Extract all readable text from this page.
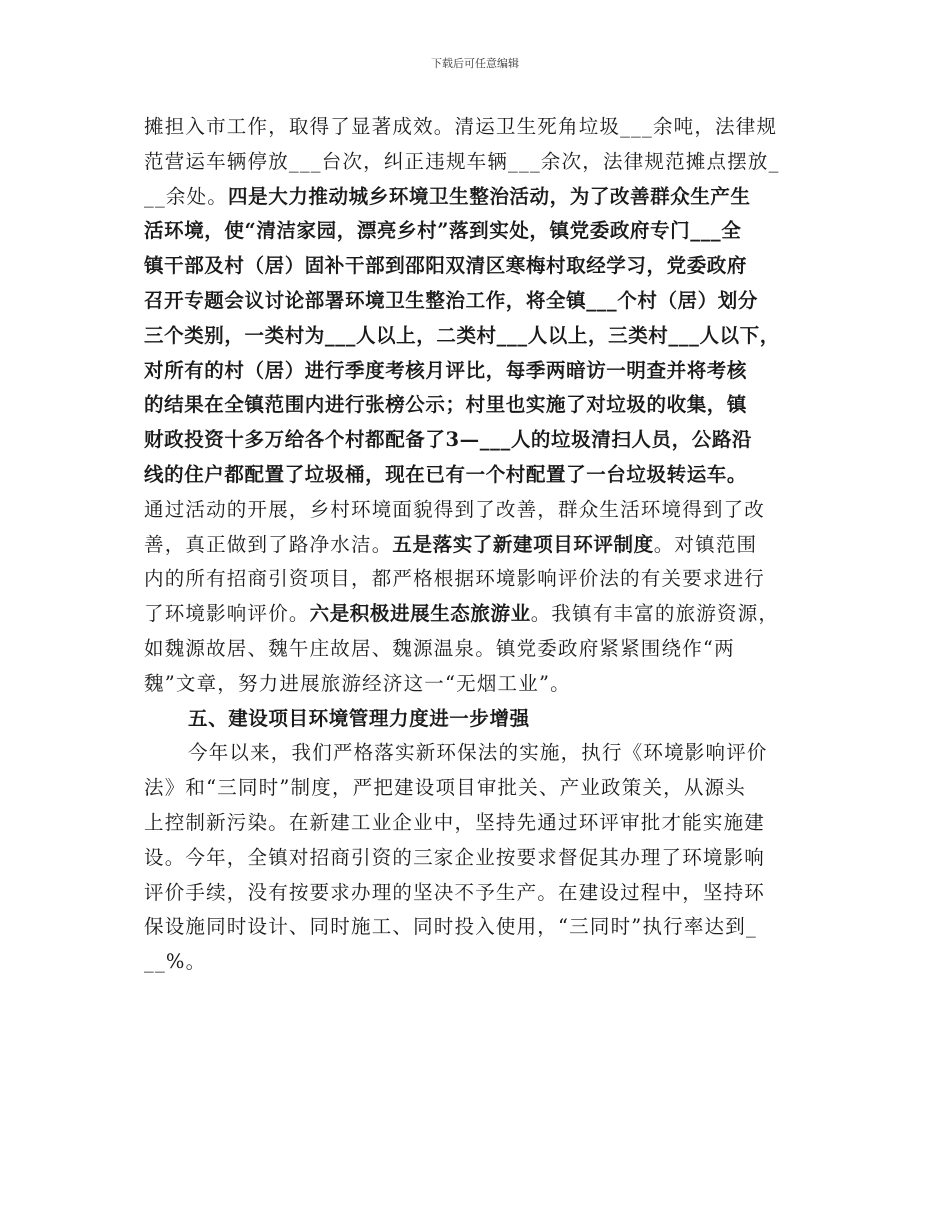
下载后可任意编辑
摊担入市工作，取得了显著成效。清运卫生死角垃圾___余吨，法律规
范营运车辆停放___台次，纠正违规车辆___余次，法律规范摊点摆放_
__余处。四是大力推动城乡环境卫生整治活动，为了改善群众生产生
活环境，使“清洁家园，漂亮乡村”落到实处，镇党委政府专门___全
镇干部及村（居）固补干部到邵阳双清区寒梅村取经学习，党委政府
召开专题会议讨论部署环境卫生整治工作，将全镇___个村（居）划分
三个类别，一类村为___人以上，二类村___人以上，三类村___人以下，
对所有的村（居）进行季度考核月评比，每季两暗访一明查并将考核
的结果在全镇范围内进行张榜公示；村里也实施了对垃圾的收集，镇
财政投资十多万给各个村都配备了3—___人的垃圾清扫人员，公路沿
线的住户都配置了垃圾桶，现在已有一个村配置了一台垃圾转运车。
通过活动的开展，乡村环境面貌得到了改善，群众生活环境得到了改
善，真正做到了路净水洁。五是落实了新建项目环评制度。对镇范围
内的所有招商引资项目，都严格根据环境影响评价法的有关要求进行
了环境影响评价。六是积极进展生态旅游业。我镇有丰富的旅游资源，
如魏源故居、魏午庄故居、魏源温泉。镇党委政府紧紧围绕作“两
魏”文章，努力进展旅游经济这一“无烟工业”。
五、建设项目环境管理力度进一步增强
今年以来，我们严格落实新环保法的实施，执行《环境影响评价
法》和“三同时”制度，严把建设项目审批关、产业政策关，从源头
上控制新污染。在新建工业企业中，坚持先通过环评审批才能实施建
设。今年，全镇对招商引资的三家企业按要求督促其办理了环境影响
评价手续，没有按要求办理的坚决不予生产。在建设过程中，坚持环
保设施同时设计、同时施工、同时投入使用，“三同时”执行率达到_
__%。
